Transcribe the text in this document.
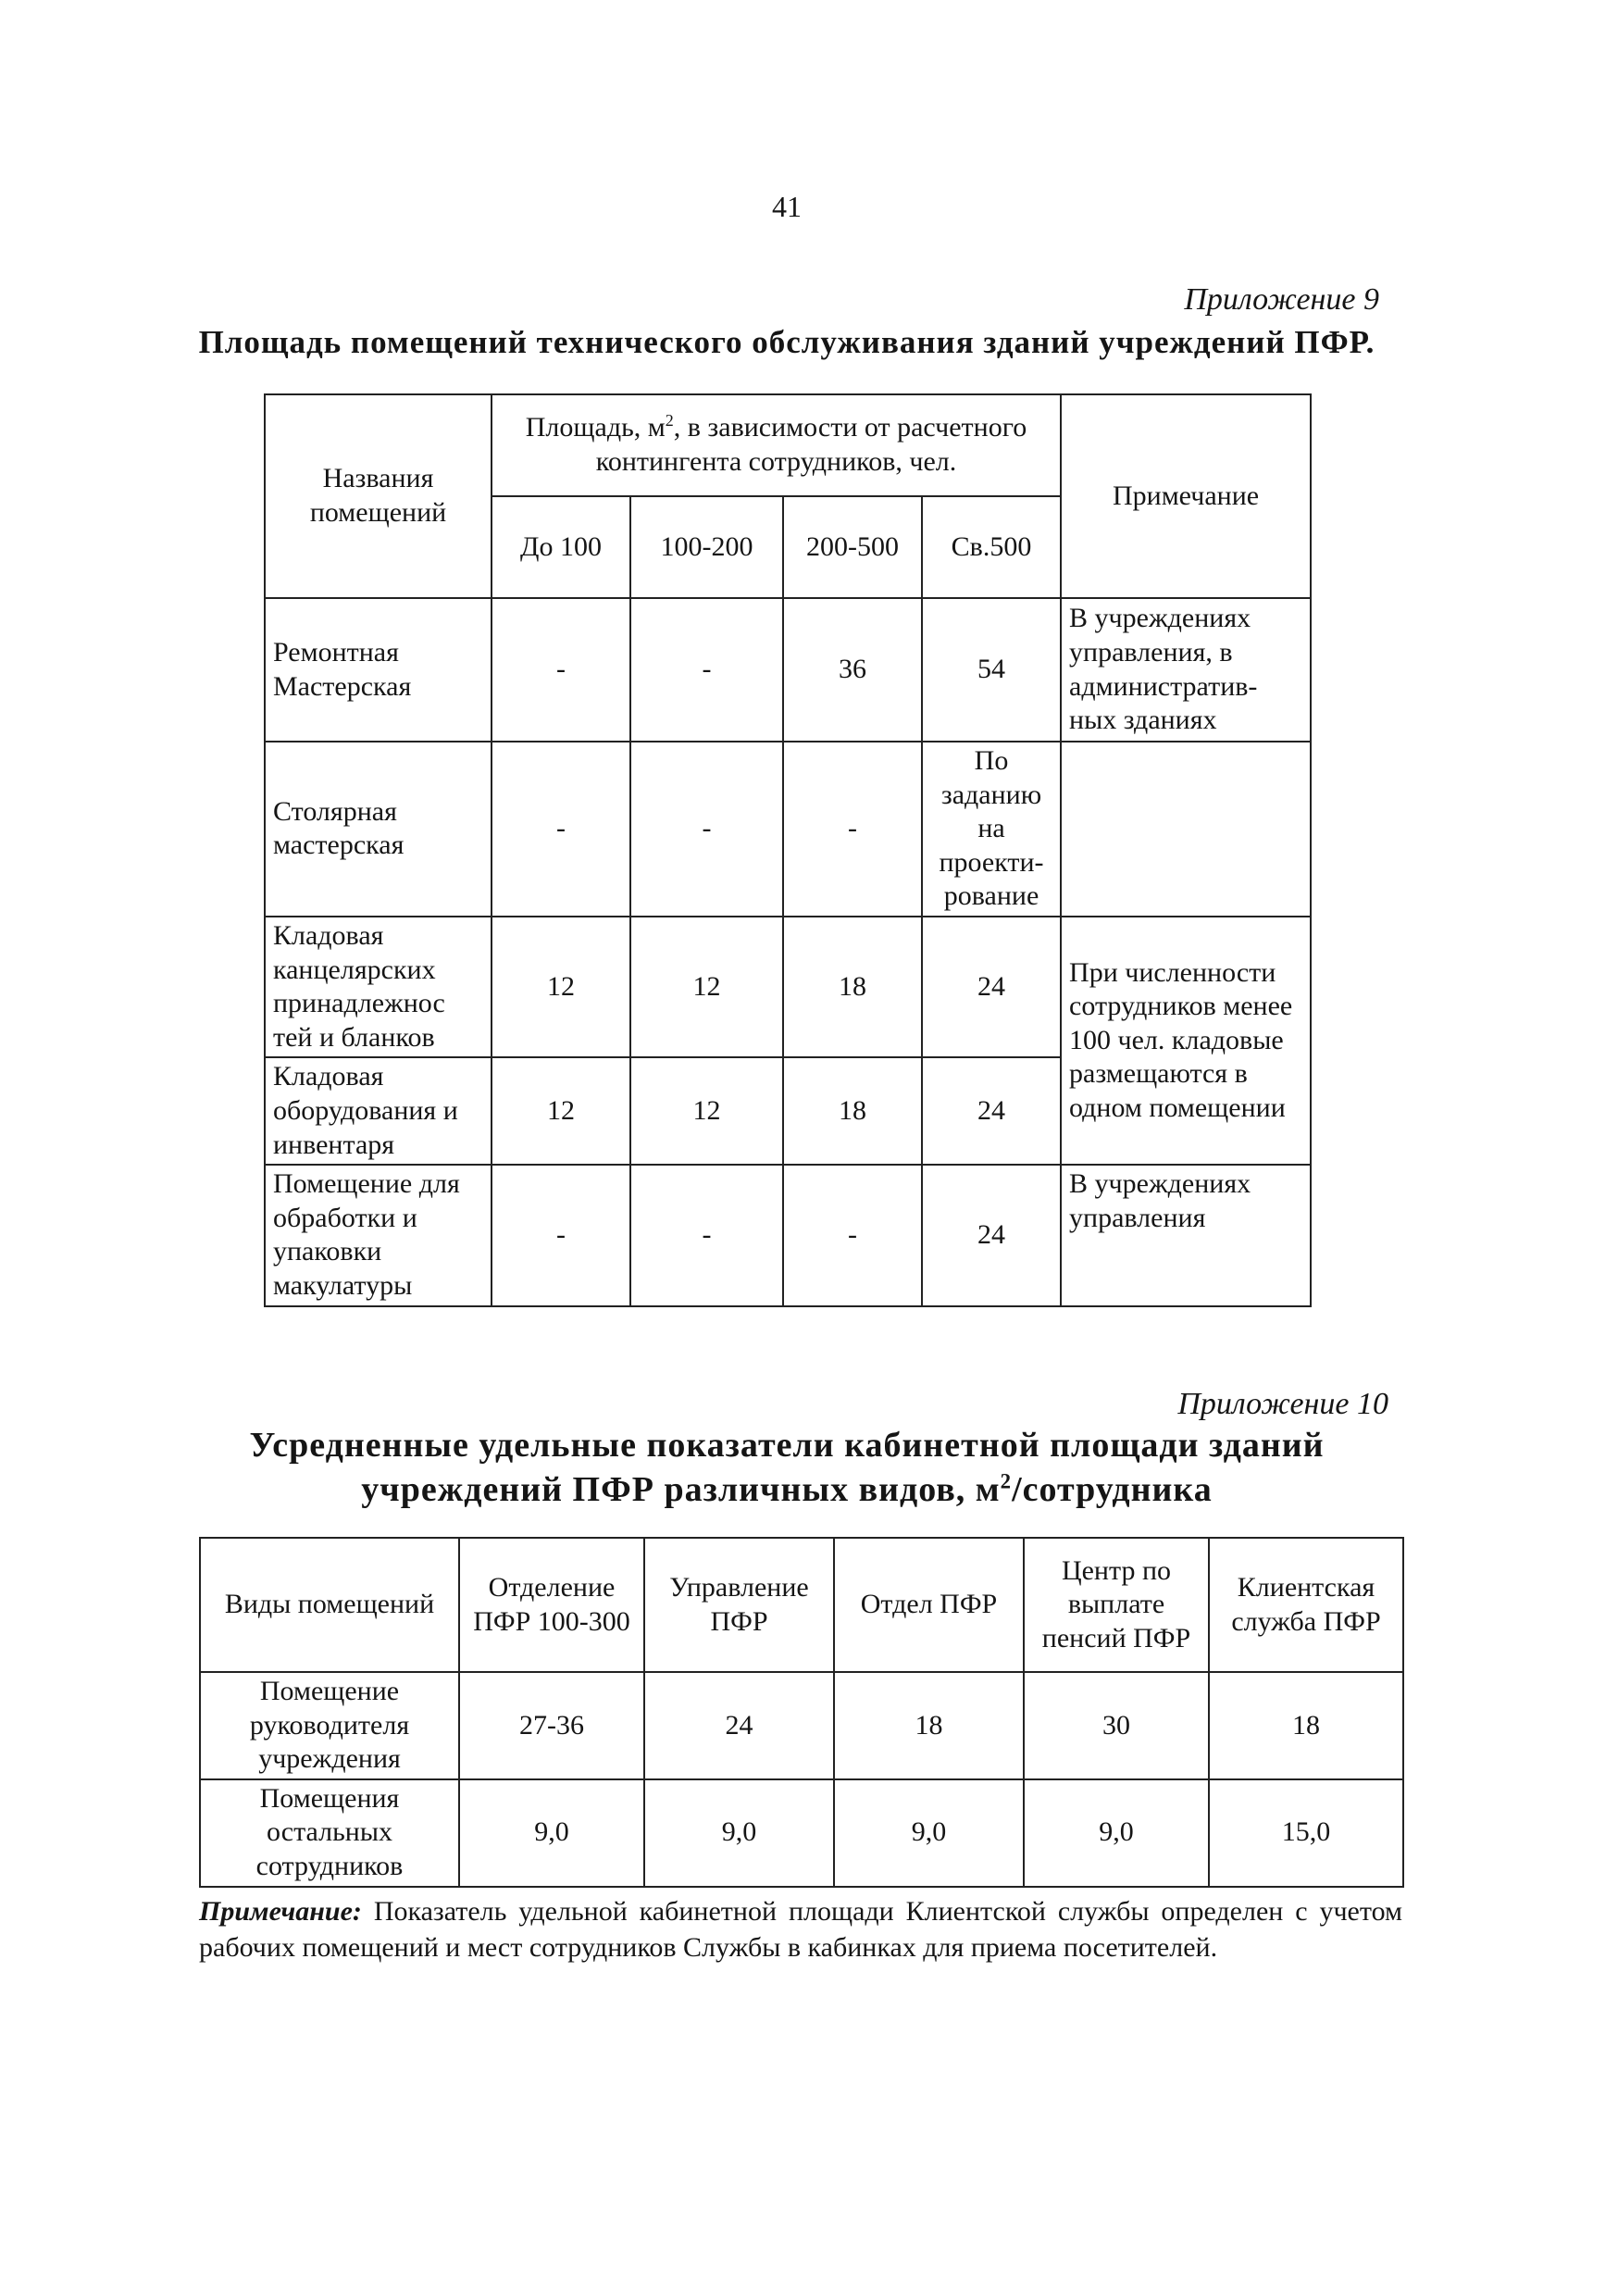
41
Приложение 9
Площадь помещений технического обслуживания зданий учреждений ПФР.
Названия помещений	Площадь, $м^2$, в зависимости от расчетного контингента сотрудников, чел.				Примечание
	До 100	100-200	200-500	Св.500	
Ремонтная Мастерская	-	-	36	54	В учреждениях управления, в административ-ных зданиях
Столярная мастерская	-	-	-	По заданию на проекти-рование	
Кладовая канцелярских принадлежнос тей и бланков	12	12	18	24	При численности сотрудников менее 100 чел. кладовые размещаются в одном помещении
Кладовая оборудования и инвентаря	12	12	18	24	
Помещение для обработки и упаковки макулатуры	-	-	-	24	В учреждениях управления
Приложение 10
Усредненные удельные показатели кабинетной площади зданий
учреждений ПФР различных видов, $м^2$/сотрудника
Виды помещений	Отделение ПФР 100-300	Управление ПФР	Отдел ПФР	Центр по выплате пенсий ПФР	Клиентская служба ПФР
Помещение руководителя учреждения	27-36	24	18	30	18
Помещения остальных сотрудников	9,0	9,0	9,0	9,0	15,0
Примечание: Показатель удельной кабинетной площади Клиентской службы определен с учетом рабочих помещений и мест сотрудников Службы в кабинках для приема посетителей.
